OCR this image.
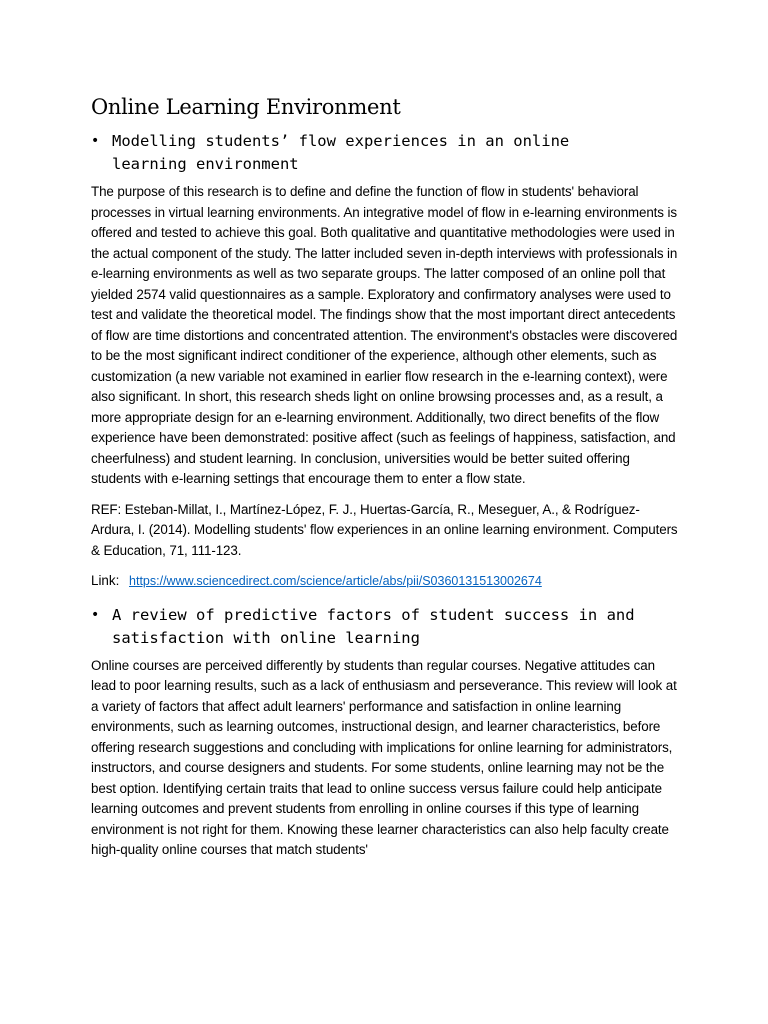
Online Learning Environment
• Modelling students’ flow experiences in an online learning environment

The purpose of this research is to define and define the function of flow in students' behavioral processes in virtual learning environments. An integrative model of flow in e-learning environments is offered and tested to achieve this goal. Both qualitative and quantitative methodologies were used in the actual component of the study. The latter included seven in-depth interviews with professionals in e-learning environments as well as two separate groups. The latter composed of an online poll that yielded 2574 valid questionnaires as a sample. Exploratory and confirmatory analyses were used to test and validate the theoretical model. The findings show that the most important direct antecedents of flow are time distortions and concentrated attention. The environment's obstacles were discovered to be the most significant indirect conditioner of the experience, although other elements, such as customization (a new variable not examined in earlier flow research in the e-learning context), were also significant. In short, this research sheds light on online browsing processes and, as a result, a more appropriate design for an e-learning environment. Additionally, two direct benefits of the flow experience have been demonstrated: positive affect (such as feelings of happiness, satisfaction, and cheerfulness) and student learning. In conclusion, universities would be better suited offering students with e-learning settings that encourage them to enter a flow state.

REF: Esteban-Millat, I., Martínez-López, F. J., Huertas-García, R., Meseguer, A., & Rodríguez-Ardura, I. (2014). Modelling students' flow experiences in an online learning environment. Computers & Education, 71, 111-123.

Link: https://www.sciencedirect.com/science/article/abs/pii/S0360131513002674

• A review of predictive factors of student success in and satisfaction with online learning

Online courses are perceived differently by students than regular courses. Negative attitudes can lead to poor learning results, such as a lack of enthusiasm and perseverance. This review will look at a variety of factors that affect adult learners' performance and satisfaction in online learning environments, such as learning outcomes, instructional design, and learner characteristics, before offering research suggestions and concluding with implications for online learning for administrators, instructors, and course designers and students. For some students, online learning may not be the best option. Identifying certain traits that lead to online success versus failure could help anticipate learning outcomes and prevent students from enrolling in online courses if this type of learning environment is not right for them. Knowing these learner characteristics can also help faculty create high-quality online courses that match students'
